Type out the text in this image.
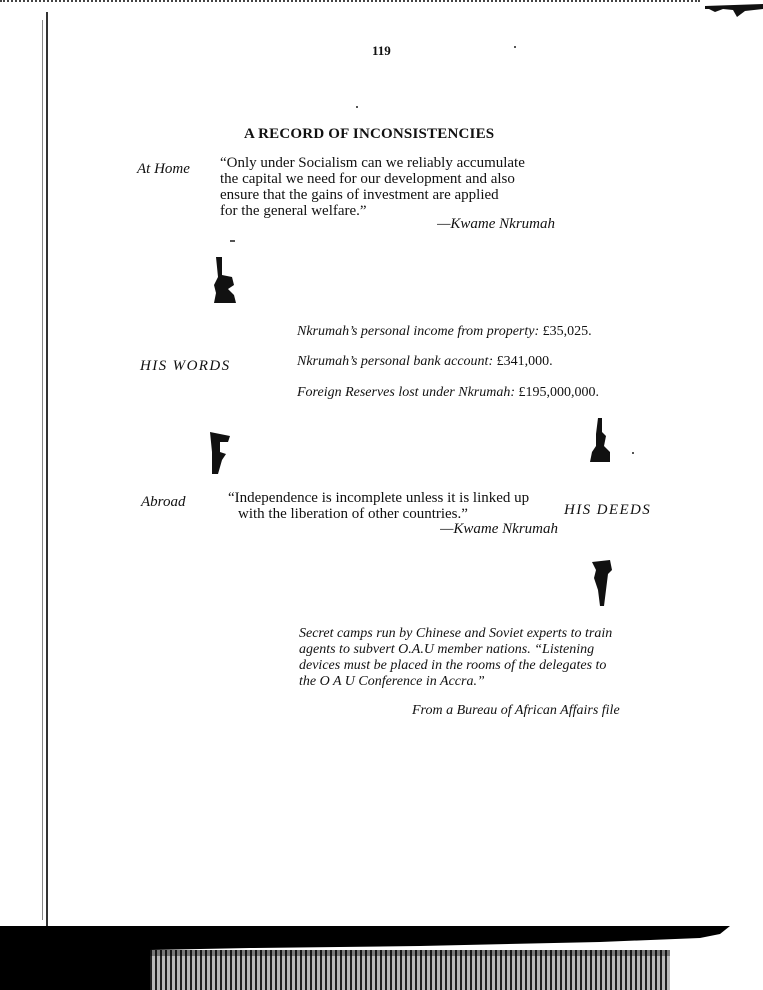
119
A RECORD OF INCONSISTENCIES
At Home “Only under Socialism can we reliably accumulate
the capital we need for our development and also
ensure that the gains of investment are applied
for the general welfare.”
—Kwame Nkrumah
HIS WORDS
Nkrumah’s personal income from property: £35,025.
Nkrumah’s personal bank account: £341,000.
Foreign Reserves lost under Nkrumah: £195,000,000.
Abroad	“Independence is incomplete unless it is linked up
with the liberation of other countries.”
—Kwame Nkrumah
HIS DEEDS
Secret camps run by Chinese and Soviet experts to train
agents to subvert O.A.U member nations. “Listening
devices must be placed in the rooms of the delegates to
the O A U Conference in Accra.”
From a Bureau of African Affairs file
